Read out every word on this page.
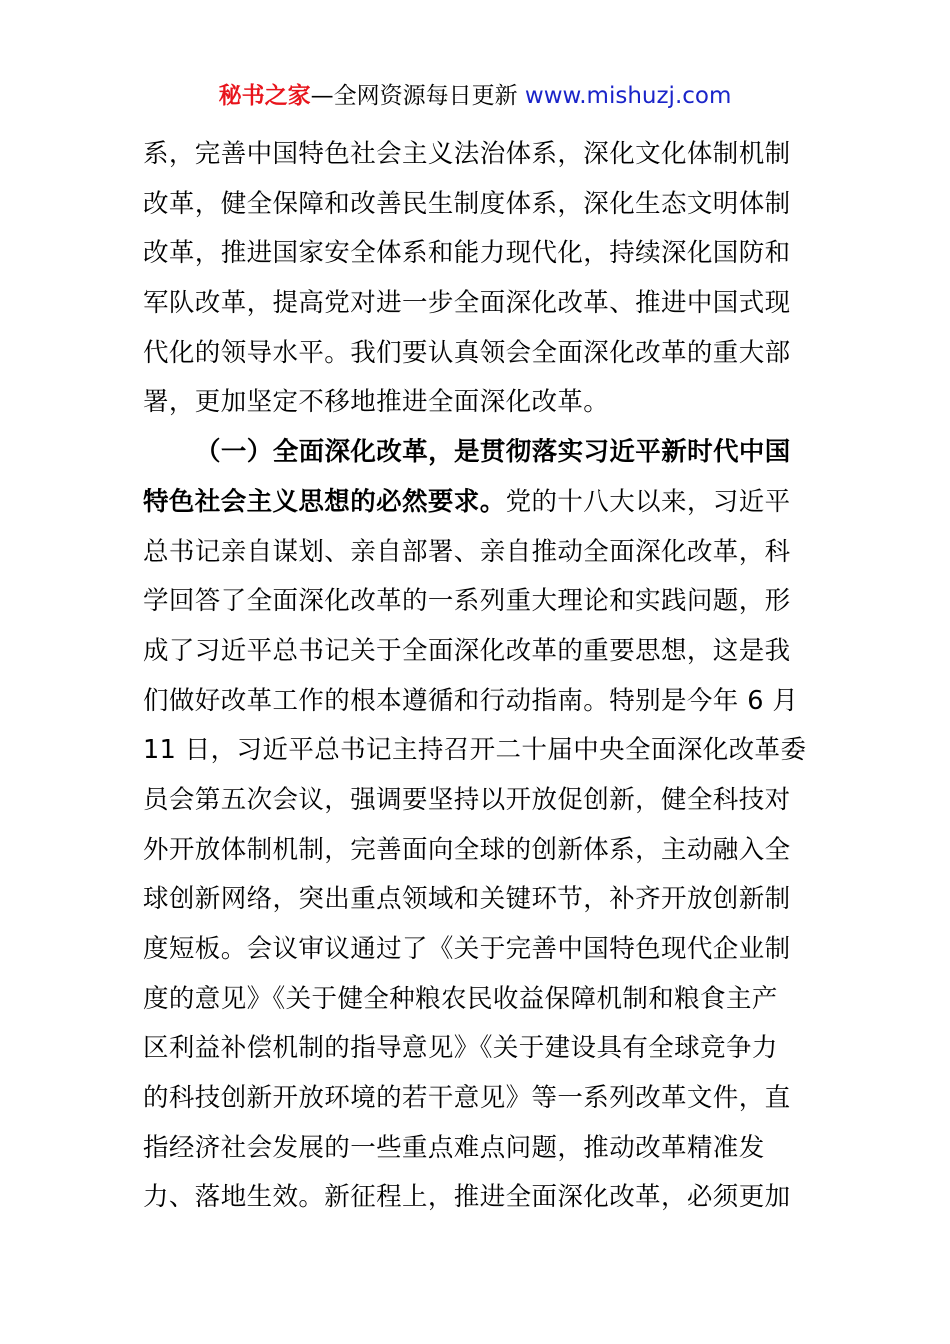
秘书之家—全网资源每日更新 www.mishuzj.com
系，完善中国特色社会主义法治体系，深化文化体制机制
改革，健全保障和改善民生制度体系，深化生态文明体制
改革，推进国家安全体系和能力现代化，持续深化国防和
军队改革，提高党对进一步全面深化改革、推进中国式现
代化的领导水平。我们要认真领会全面深化改革的重大部
署，更加坚定不移地推进全面深化改革。
（一）全面深化改革，是贯彻落实习近平新时代中国
特色社会主义思想的必然要求。党的十八大以来，习近平
总书记亲自谋划、亲自部署、亲自推动全面深化改革，科
学回答了全面深化改革的一系列重大理论和实践问题，形
成了习近平总书记关于全面深化改革的重要思想，这是我
们做好改革工作的根本遵循和行动指南。特别是今年 6 月
11 日，习近平总书记主持召开二十届中央全面深化改革委
员会第五次会议，强调要坚持以开放促创新，健全科技对
外开放体制机制，完善面向全球的创新体系，主动融入全
球创新网络，突出重点领域和关键环节，补齐开放创新制
度短板。会议审议通过了《关于完善中国特色现代企业制
度的意见》《关于健全种粮农民收益保障机制和粮食主产
区利益补偿机制的指导意见》《关于建设具有全球竞争力
的科技创新开放环境的若干意见》等一系列改革文件，直
指经济社会发展的一些重点难点问题，推动改革精准发
力、落地生效。新征程上，推进全面深化改革，必须更加
